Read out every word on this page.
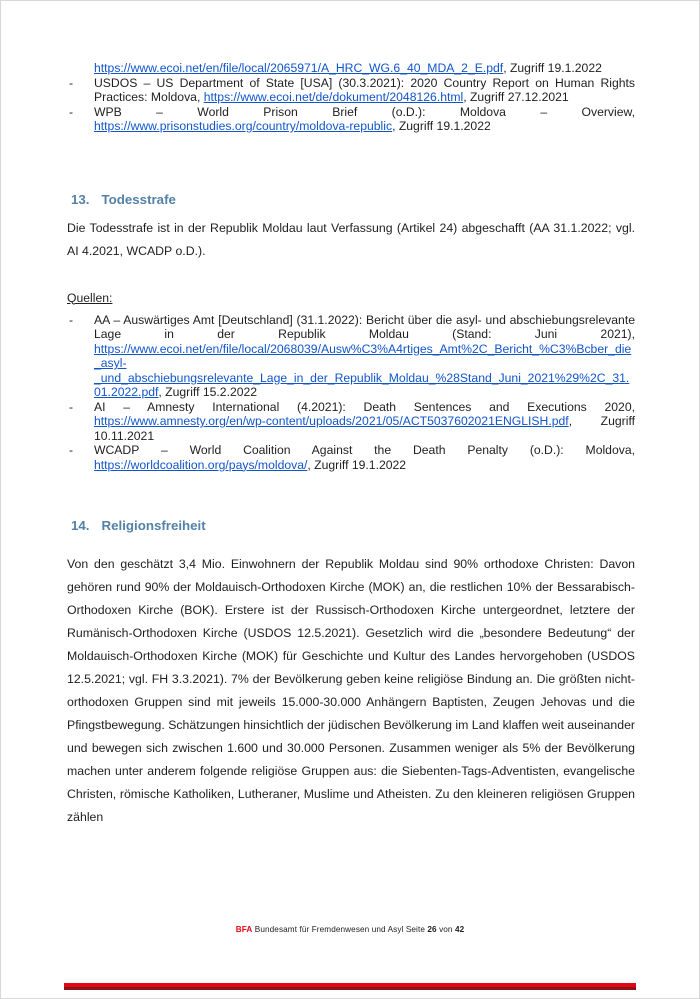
https://www.ecoi.net/en/file/local/2065971/A_HRC_WG.6_40_MDA_2_E.pdf, Zugriff 19.1.2022
- USDOS – US Department of State [USA] (30.3.2021): 2020 Country Report on Human Rights Practices: Moldova, https://www.ecoi.net/de/dokument/2048126.html, Zugriff 27.12.2021
- WPB – World Prison Brief (o.D.): Moldova – Overview, https://www.prisonstudies.org/country/moldova-republic, Zugriff 19.1.2022
13. Todesstrafe

Die Todesstrafe ist in der Republik Moldau laut Verfassung (Artikel 24) abgeschafft (AA 31.1.2022; vgl. AI 4.2021, WCADP o.D.).

Quellen:
- AA – Auswärtiges Amt [Deutschland] (31.1.2022): Bericht über die asyl- und abschiebungsrelevante Lage in der Republik Moldau (Stand: Juni 2021), https://www.ecoi.net/en/file/local/2068039/Ausw%C3%A4rtiges_Amt%2C_Bericht_%C3%Bcber_die_asyl-_und_abschiebungsrelevante_Lage_in_der_Republik_Moldau_%28Stand_Juni_2021%29%2C_31.01.2022.pdf, Zugriff 15.2.2022
- AI – Amnesty International (4.2021): Death Sentences and Executions 2020, https://www.amnesty.org/en/wp-content/uploads/2021/05/ACT5037602021ENGLISH.pdf, Zugriff 10.11.2021
- WCADP – World Coalition Against the Death Penalty (o.D.): Moldova, https://worldcoalition.org/pays/moldova/, Zugriff 19.1.2022
14. Religionsfreiheit

Von den geschätzt 3,4 Mio. Einwohnern der Republik Moldau sind 90% orthodoxe Christen: Davon gehören rund 90% der Moldauisch-Orthodoxen Kirche (MOK) an, die restlichen 10% der Bessarabisch-Orthodoxen Kirche (BOK). Erstere ist der Russisch-Orthodoxen Kirche untergeordnet, letztere der Rumänisch-Orthodoxen Kirche (USDOS 12.5.2021). Gesetzlich wird die „besondere Bedeutung“ der Moldauisch-Orthodoxen Kirche (MOK) für Geschichte und Kultur des Landes hervorgehoben (USDOS 12.5.2021; vgl. FH 3.3.2021). 7% der Bevölkerung geben keine religiöse Bindung an. Die größten nicht-orthodoxen Gruppen sind mit jeweils 15.000-30.000 Anhängern Baptisten, Zeugen Jehovas und die Pfingstbewegung. Schätzungen hinsichtlich der jüdischen Bevölkerung im Land klaffen weit auseinander und bewegen sich zwischen 1.600 und 30.000 Personen. Zusammen weniger als 5% der Bevölkerung machen unter anderem folgende religiöse Gruppen aus: die Siebenten-Tags-Adventisten, evangelische Christen, römische Katholiken, Lutheraner, Muslime und Atheisten. Zu den kleineren religiösen Gruppen zählen

BFA Bundesamt für Fremdenwesen und Asyl Seite 26 von 42
